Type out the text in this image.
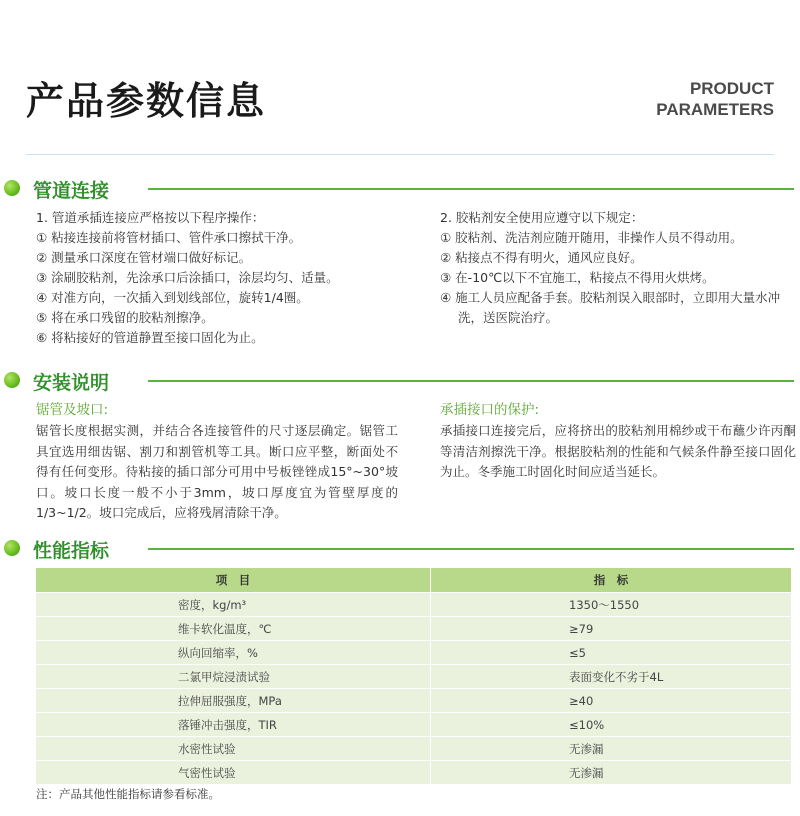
产品参数信息	PRODUCT
PARAMETERS
管道连接
1. 管道承插连接应严格按以下程序操作：
① 粘接连接前将管材插口、管件承口擦拭干净。
② 测量承口深度在管材端口做好标记。
③ 涂刷胶粘剂，先涂承口后涂插口，涂层均匀、适量。
④ 对准方向，一次插入到划线部位，旋转1/4圈。
⑤ 将在承口残留的胶粘剂擦净。
⑥ 将粘接好的管道静置至接口固化为止。
2. 胶粘剂安全使用应遵守以下规定：
① 胶粘剂、洗洁剂应随开随用，非操作人员不得动用。
② 粘接点不得有明火，通风应良好。
③ 在-10℃以下不宜施工，粘接点不得用火烘烤。
④ 施工人员应配备手套。胶粘剂误入眼部时，立即用大量水冲洗，送医院治疗。
安装说明
锯管及坡口:
锯管长度根据实测，并结合各连接管件的尺寸逐层确定。锯管工具宜选用细齿锯、割刀和割管机等工具。断口应平整，断面处不得有任何变形。待粘接的插口部分可用中号板锉锉成15°~30°坡口。坡口长度一般不小于3mm，坡口厚度宜为管壁厚度的1/3~1/2。坡口完成后，应将残屑清除干净。
承插接口的保护:
承插接口连接完后，应将挤出的胶粘剂用棉纱或干布蘸少许丙酮等清洁剂擦洗干净。根据胶粘剂的性能和气候条件静至接口固化为止。冬季施工时固化时间应适当延长。
性能指标
项　目	指　标
密度，kg/m³	1350～1550
维卡软化温度，℃	≥79
纵向回缩率，%	≤5
二氯甲烷浸渍试验	表面变化不劣于4L
拉伸屈服强度，MPa	≥40
落锤冲击强度，TIR	≤10%
水密性试验	无渗漏
气密性试验	无渗漏
注：产品其他性能指标请参看标准。
